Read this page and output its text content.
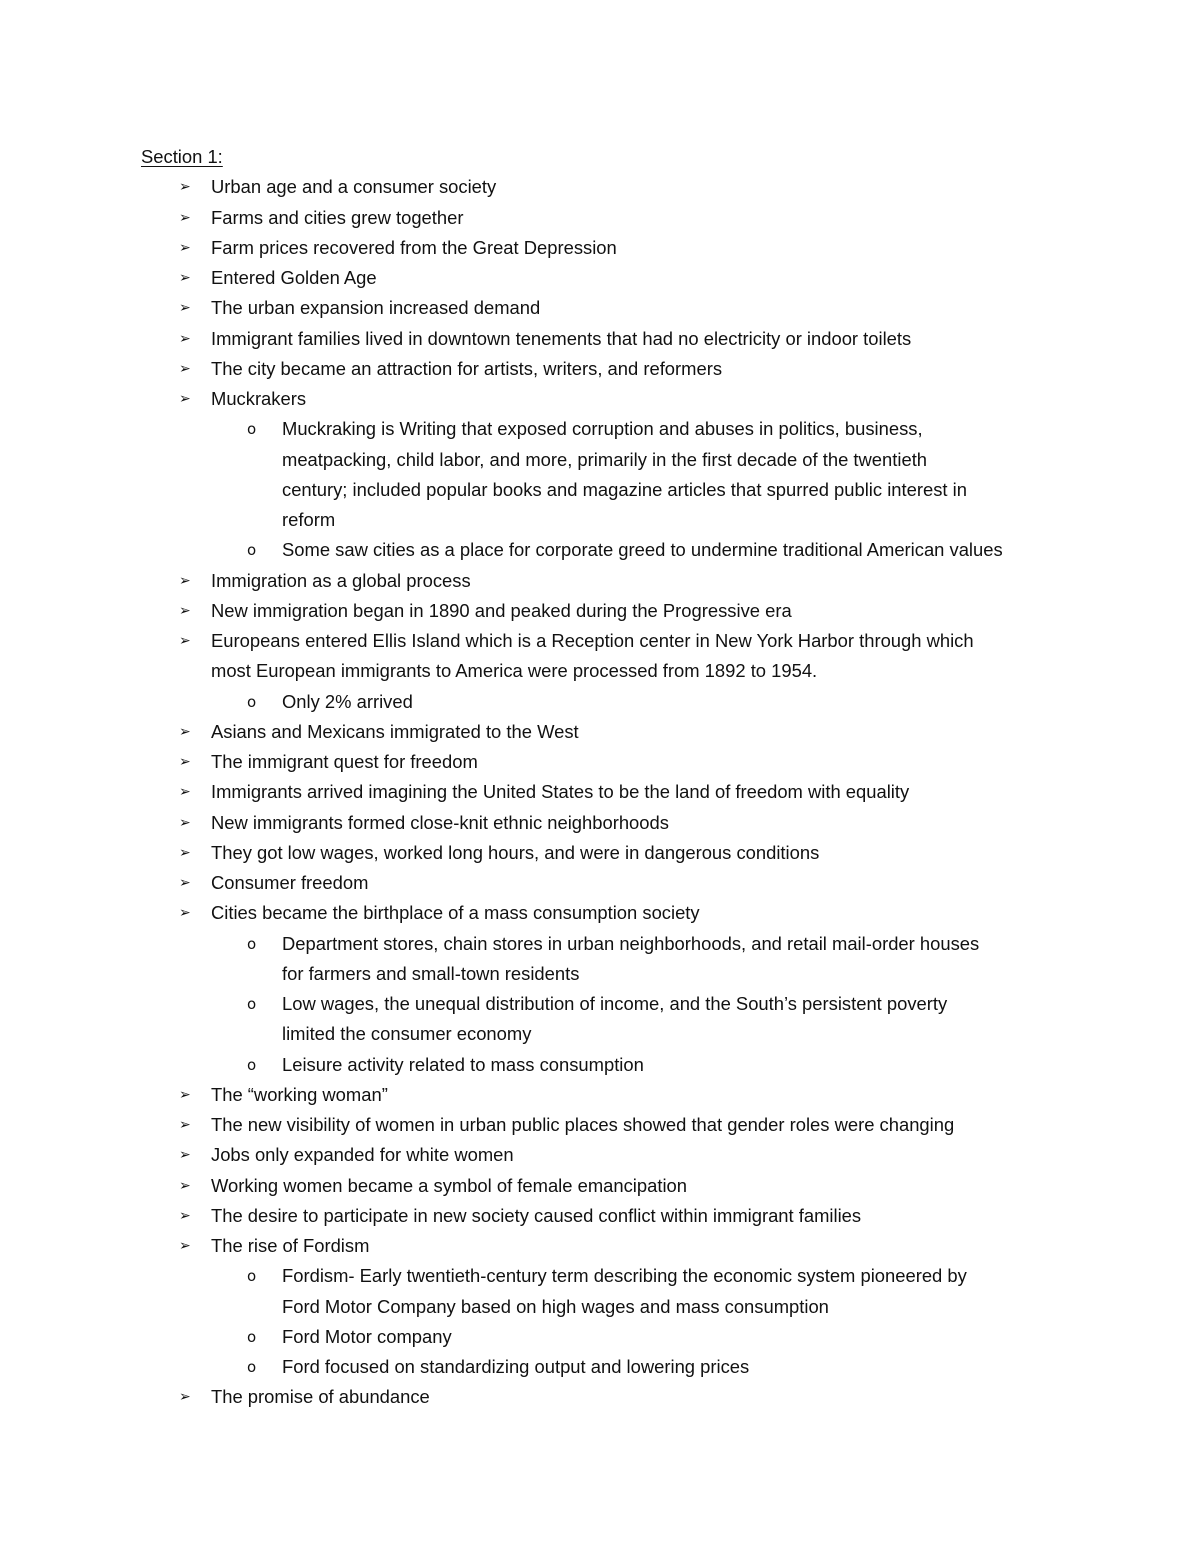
Section 1:
➢ Urban age and a consumer society
➢ Farms and cities grew together
➢ Farm prices recovered from the Great Depression
➢ Entered Golden Age
➢ The urban expansion increased demand
➢ Immigrant families lived in downtown tenements that had no electricity or indoor toilets
➢ The city became an attraction for artists, writers, and reformers
➢ Muckrakers
o Muckraking is Writing that exposed corruption and abuses in politics, business,
meatpacking, child labor, and more, primarily in the first decade of the twentieth
century; included popular books and magazine articles that spurred public interest in
reform
o Some saw cities as a place for corporate greed to undermine traditional American values
➢ Immigration as a global process
➢ New immigration began in 1890 and peaked during the Progressive era
➢ Europeans entered Ellis Island which is a Reception center in New York Harbor through which
most European immigrants to America were processed from 1892 to 1954.
o Only 2% arrived
➢ Asians and Mexicans immigrated to the West
➢ The immigrant quest for freedom
➢ Immigrants arrived imagining the United States to be the land of freedom with equality
➢ New immigrants formed close-knit ethnic neighborhoods
➢ They got low wages, worked long hours, and were in dangerous conditions
➢ Consumer freedom
➢ Cities became the birthplace of a mass consumption society
o Department stores, chain stores in urban neighborhoods, and retail mail-order houses
for farmers and small-town residents
o Low wages, the unequal distribution of income, and the South’s persistent poverty
limited the consumer economy
o Leisure activity related to mass consumption
➢ The “working woman”
➢ The new visibility of women in urban public places showed that gender roles were changing
➢ Jobs only expanded for white women
➢ Working women became a symbol of female emancipation
➢ The desire to participate in new society caused conflict within immigrant families
➢ The rise of Fordism
o Fordism- Early twentieth-century term describing the economic system pioneered by
Ford Motor Company based on high wages and mass consumption
o Ford Motor company
o Ford focused on standardizing output and lowering prices
➢ The promise of abundance
